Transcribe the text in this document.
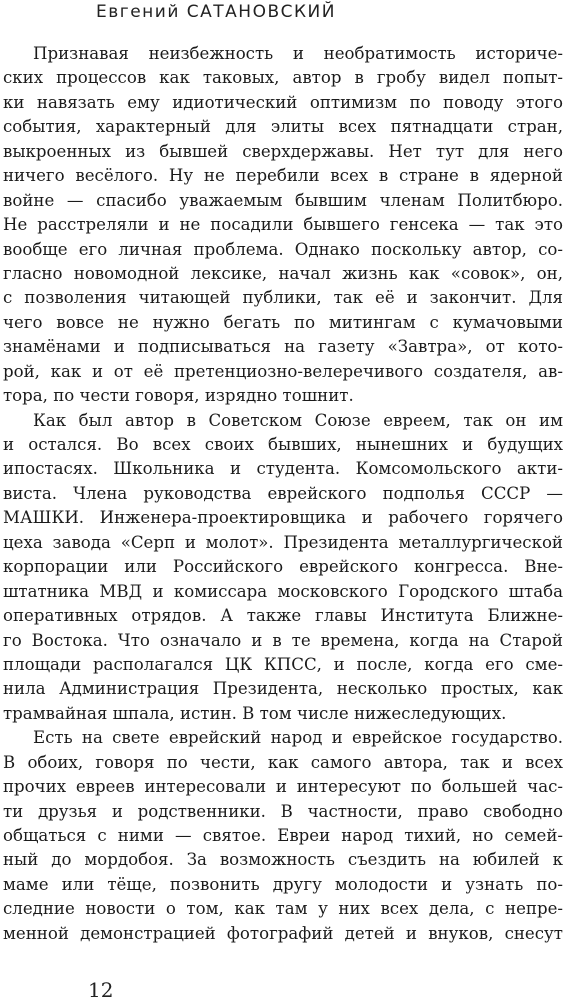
Евгений САТАНОВСКИЙ
Признавая неизбежность и необратимость историче-
ских процессов как таковых, автор в гробу видел попыт-
ки навязать ему идиотический оптимизм по поводу этого
события, характерный для элиты всех пятнадцати стран,
выкроенных из бывшей сверхдержавы. Нет тут для него
ничего весёлого. Ну не перебили всех в стране в ядерной
войне — спасибо уважаемым бывшим членам Политбюро.
Не расстреляли и не посадили бывшего генсека — так это
вообще его личная проблема. Однако поскольку автор, со-
гласно новомодной лексике, начал жизнь как «совок», он,
с позволения читающей публики, так её и закончит. Для
чего вовсе не нужно бегать по митингам с кумачовыми
знамёнами и подписываться на газету «Завтра», от кото-
рой, как и от её претенциозно-велеречивого создателя, ав-
тора, по чести говоря, изрядно тошнит.
Как был автор в Советском Союзе евреем, так он им
и остался. Во всех своих бывших, нынешних и будущих
ипостасях. Школьника и студента. Комсомольского акти-
виста. Члена руководства еврейского подполья СССР —
МАШКИ. Инженера-проектировщика и рабочего горячего
цеха завода «Серп и молот». Президента металлургической
корпорации или Российского еврейского конгресса. Вне-
штатника МВД и комиссара московского Городского штаба
оперативных отрядов. А также главы Института Ближне-
го Востока. Что означало и в те времена, когда на Старой
площади располагался ЦК КПСС, и после, когда его сме-
нила Администрация Президента, несколько простых, как
трамвайная шпала, истин. В том числе нижеследующих.
Есть на свете еврейский народ и еврейское государство.
В обоих, говоря по чести, как самого автора, так и всех
прочих евреев интересовали и интересуют по большей час-
ти друзья и родственники. В частности, право свободно
общаться с ними — святое. Евреи народ тихий, но семей-
ный до мордобоя. За возможность съездить на юбилей к
маме или тёще, позвонить другу молодости и узнать по-
следние новости о том, как там у них всех дела, с непре-
менной демонстрацией фотографий детей и внуков, снесут
12
